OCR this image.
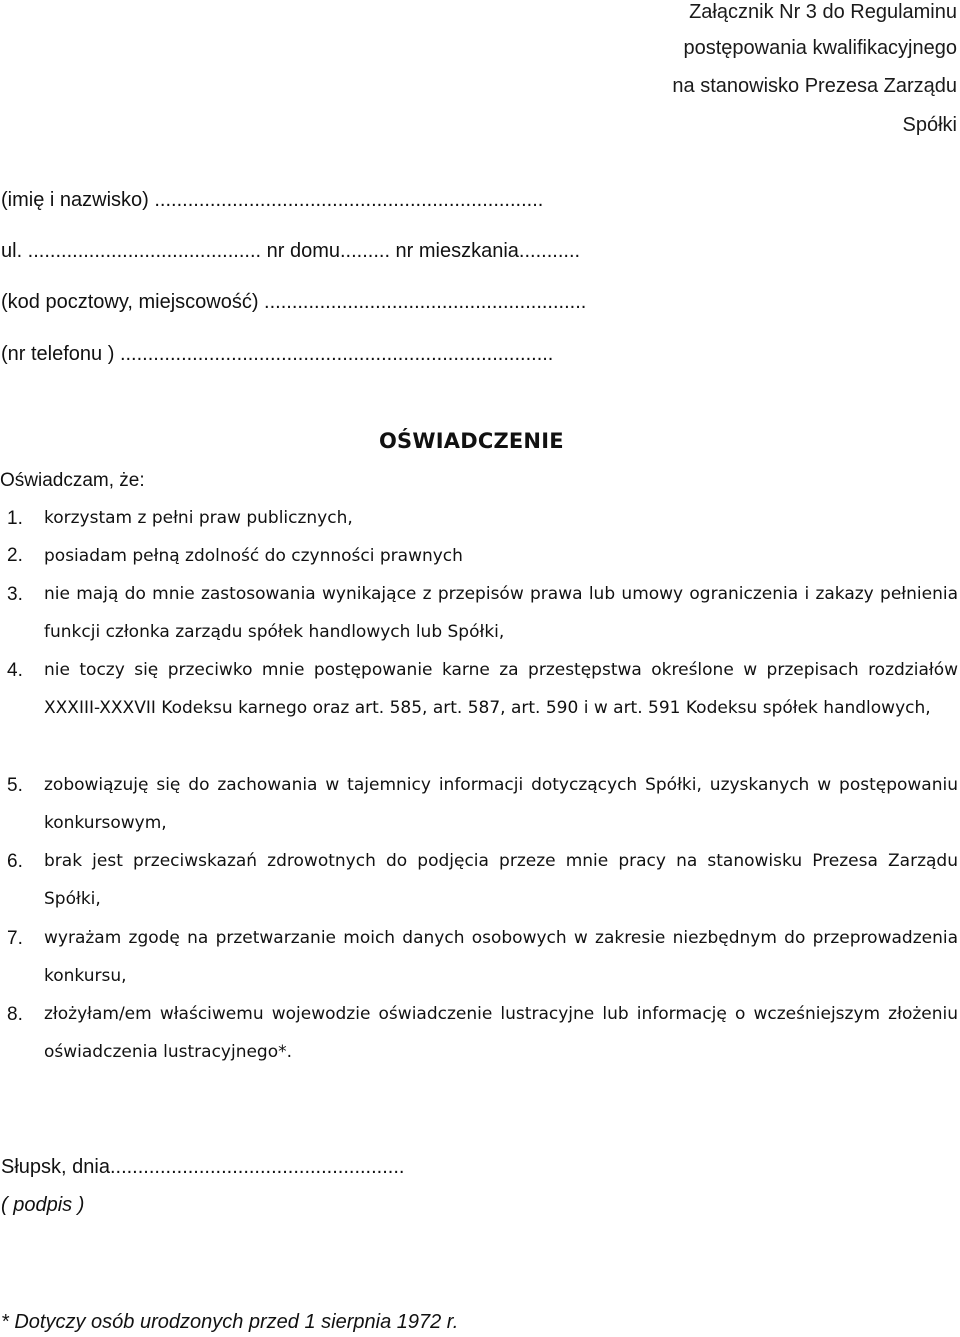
Załącznik Nr 3 do Regulaminu
postępowania kwalifikacyjnego
na stanowisko Prezesa Zarządu
Spółki
(imię i nazwisko) ......................................................................
ul. .......................................... nr domu......... nr mieszkania...........
(kod pocztowy, miejscowość) ..........................................................
(nr telefonu ) ..............................................................................
OŚWIADCZENIE
Oświadczam, że:
1. korzystam z pełni praw publicznych,
2. posiadam pełną zdolność do czynności prawnych
3. nie mają do mnie zastosowania wynikające z przepisów prawa lub umowy ograniczenia i zakazy pełnienia funkcji członka zarządu spółek handlowych lub Spółki,
4. nie toczy się przeciwko mnie postępowanie karne za przestępstwa określone w przepisach rozdziałów XXXIII-XXXVII Kodeksu karnego oraz art. 585, art. 587, art. 590 i w art. 591 Kodeksu spółek handlowych,
5. zobowiązuję się do zachowania w tajemnicy informacji dotyczących Spółki, uzyskanych w postępowaniu konkursowym,
6. brak jest przeciwskazań zdrowotnych do podjęcia przeze mnie pracy na stanowisku Prezesa Zarządu Spółki,
7. wyrażam zgodę na przetwarzanie moich danych osobowych w zakresie niezbędnym do przeprowadzenia konkursu,
8. złożyłam/em właściwemu wojewodzie oświadczenie lustracyjne lub informację o wcześniejszym złożeniu oświadczenia lustracyjnego*.
Słupsk, dnia.....................................................
( podpis )
* Dotyczy osób urodzonych przed 1 sierpnia 1972 r.
